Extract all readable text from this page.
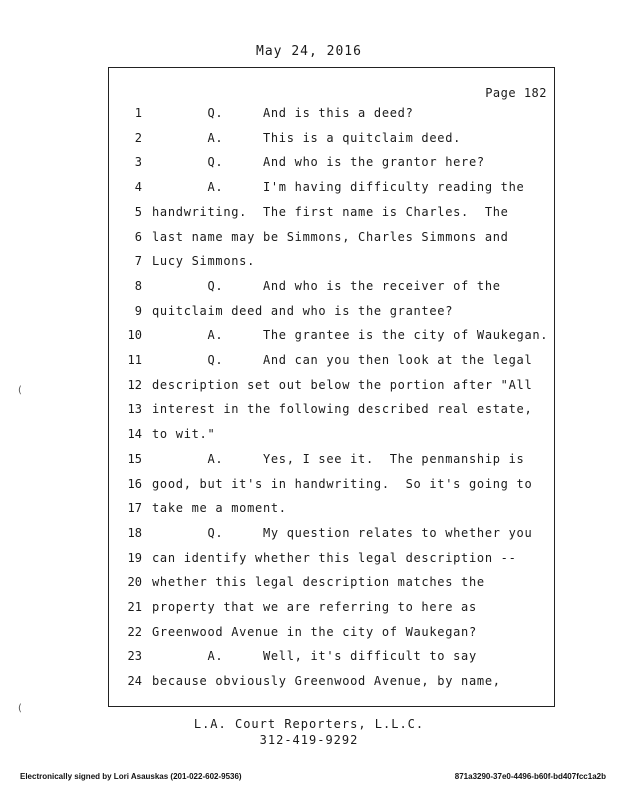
May 24, 2016
Page 182
1 Q.     And is this a deed?
2 A.     This is a quitclaim deed.
3 Q.     And who is the grantor here?
4 A.     I'm having difficulty reading the
5 handwriting.  The first name is Charles.  The
6 last name may be Simmons, Charles Simmons and
7 Lucy Simmons.
8 Q.     And who is the receiver of the
9 quitclaim deed and who is the grantee?
10 A.     The grantee is the city of Waukegan.
11 Q.     And can you then look at the legal
12 description set out below the portion after "All
13 interest in the following described real estate,
14 to wit."
15 A.     Yes, I see it.  The penmanship is
16 good, but it's in handwriting.  So it's going to
17 take me a moment.
18 Q.     My question relates to whether you
19 can identify whether this legal description --
20 whether this legal description matches the
21 property that we are referring to here as
22 Greenwood Avenue in the city of Waukegan?
23 A.     Well, it's difficult to say
24 because obviously Greenwood Avenue, by name,
(
(
L.A. Court Reporters, L.L.C.
312-419-9292
Electronically signed by Lori Asauskas (201-022-602-9536)	871a3290-37e0-4496-b60f-bd407fcc1a2b
